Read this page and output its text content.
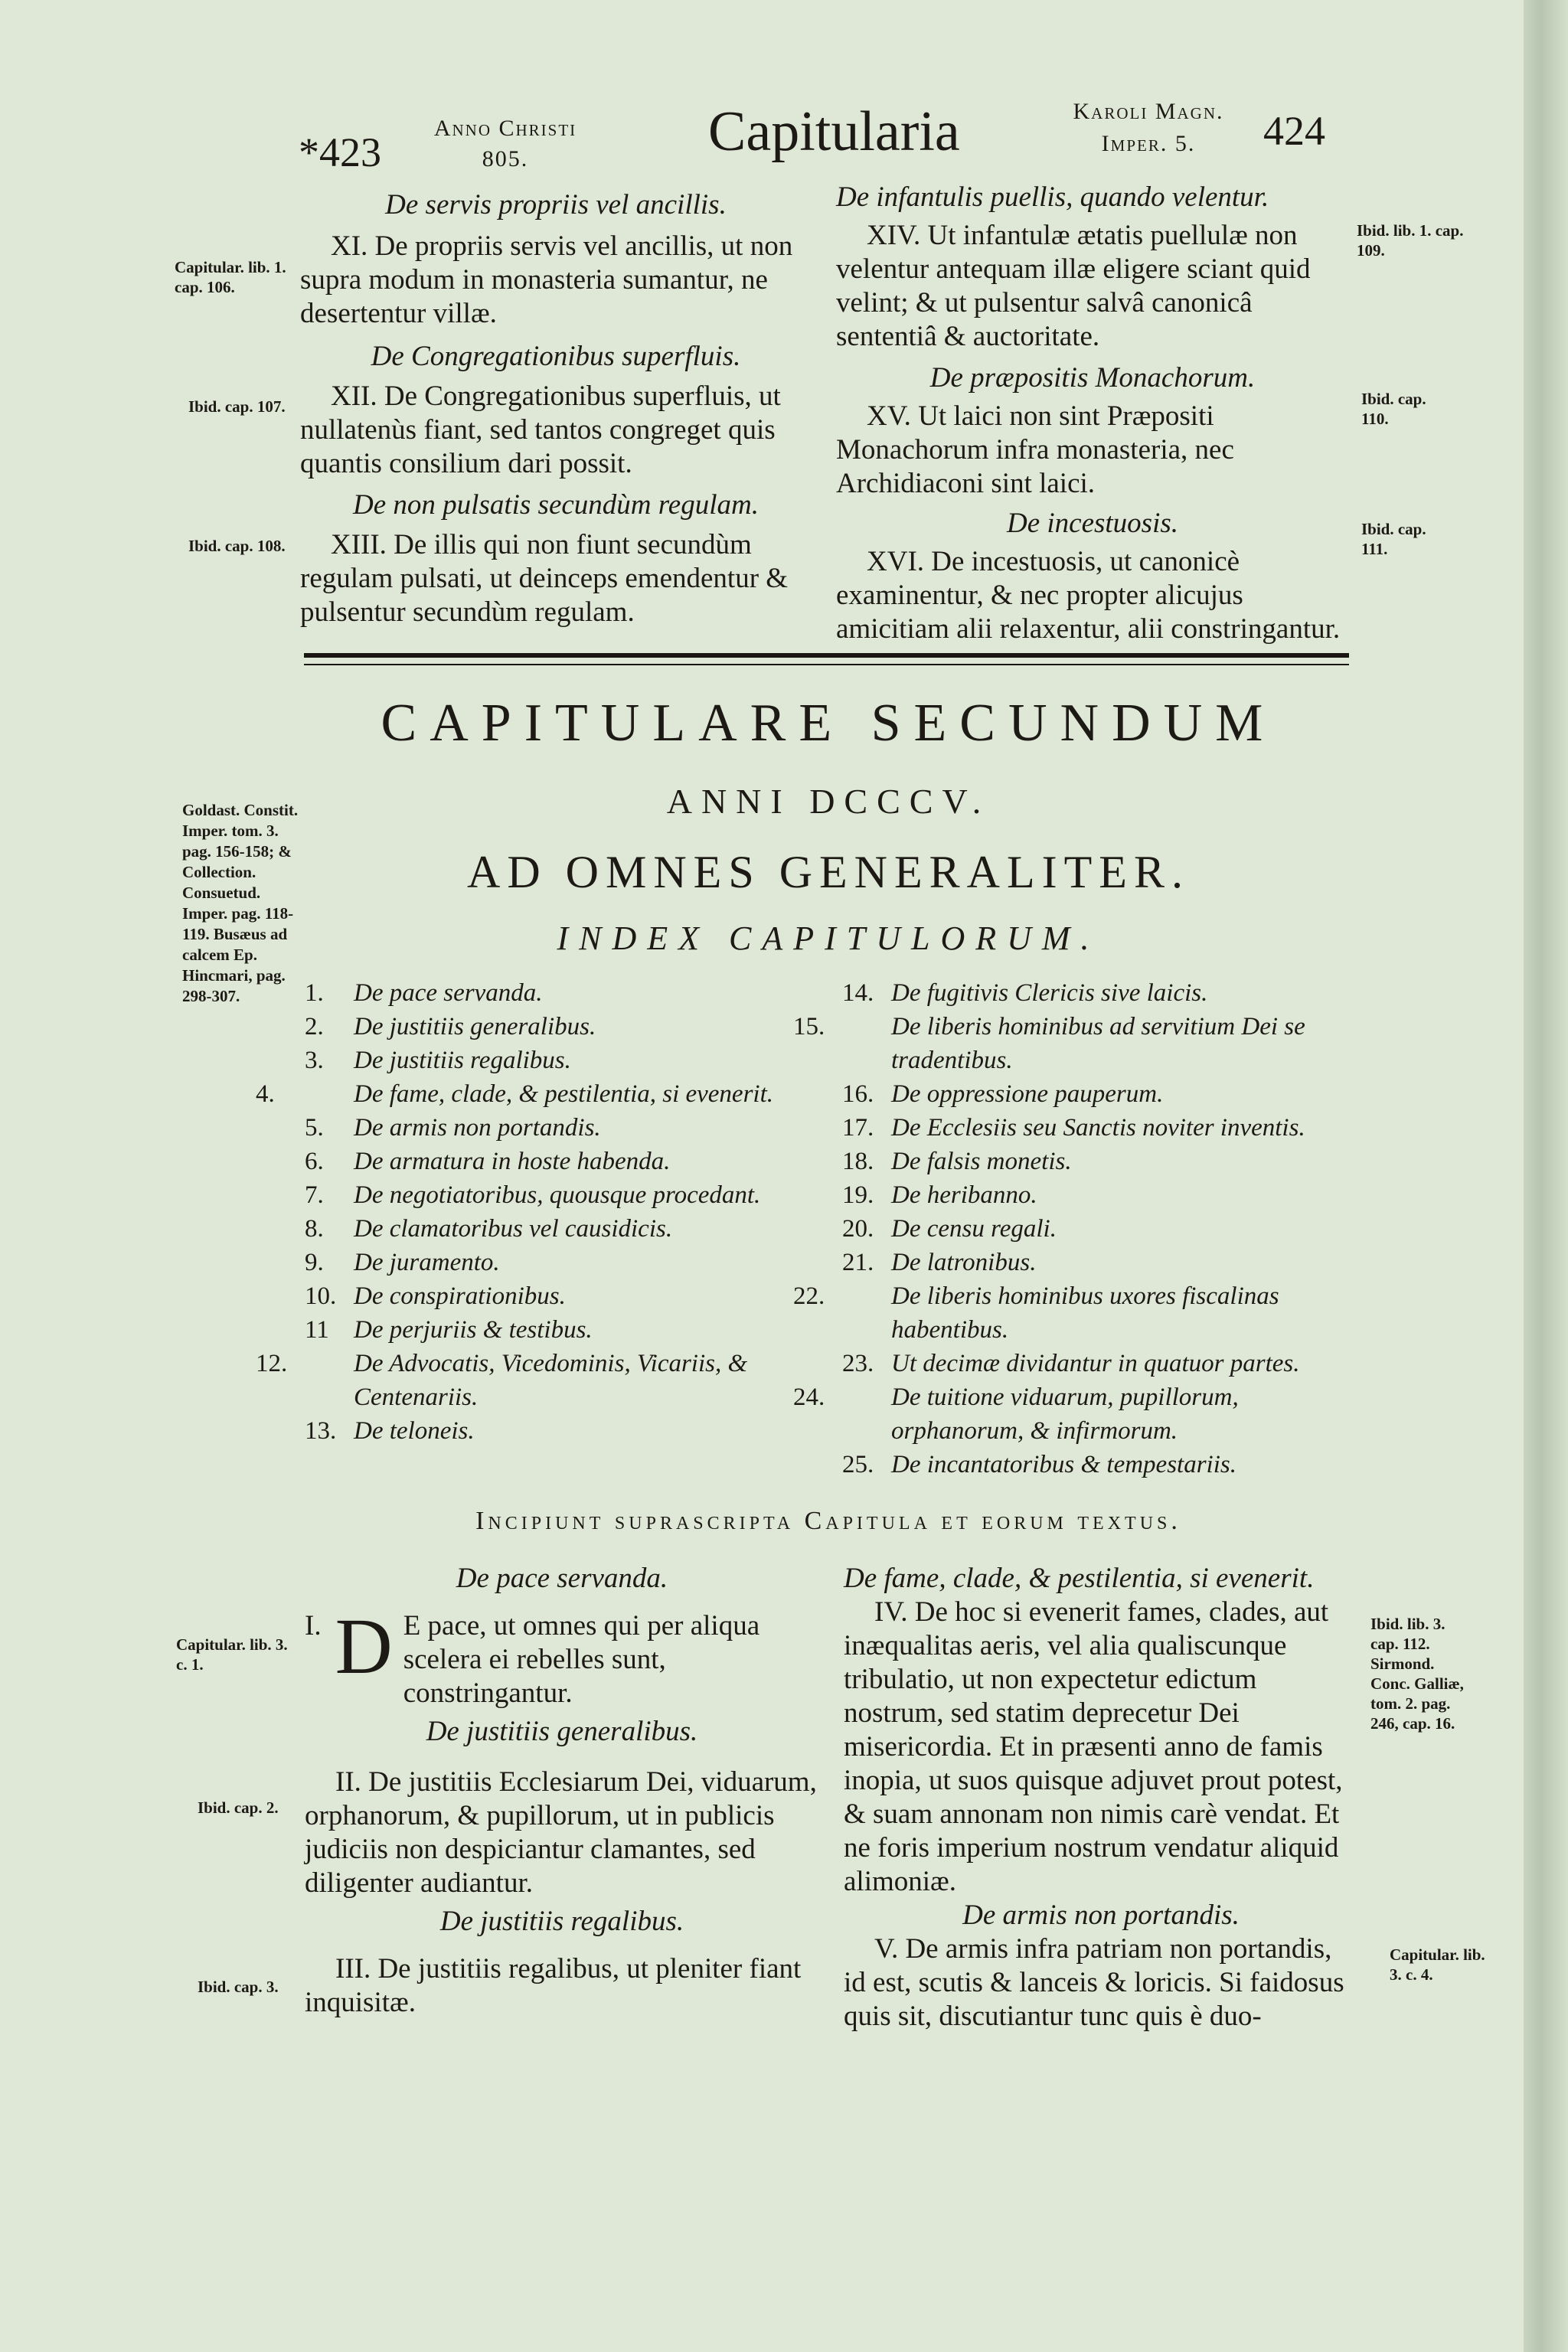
*423
Anno Christi
805.	Capitularia	Karoli Magn.
Imper. 5.	424
De servis propriis vel ancillis.
XI. De propriis servis vel ancillis, ut non supra modum in monasteria sumantur, ne desertentur villæ.
De Congregationibus superfluis.
XII. De Congregationibus superfluis, ut nullatenùs fiant, sed tantos congreget quis quantis consilium dari possit.
De non pulsatis secundùm regulam.
XIII. De illis qui non fiunt secundùm regulam pulsati, ut deinceps emendentur & pulsentur secundùm regulam.
De infantulis puellis, quando velentur.
XIV. Ut infantulæ ætatis puellulæ non velentur antequam illæ eligere sciant quid velint; & ut pulsentur salvâ canonicâ sententiâ & auctoritate.
De præpositis Monachorum.
XV. Ut laici non sint Præpositi Monachorum infra monasteria, nec Archidiaconi sint laici.
De incestuosis.
XVI. De incestuosis, ut canonicè examinentur, & nec propter alicujus amicitiam alii relaxentur, alii constringantur.
Capitular. lib. 1. cap. 106.
Ibid. cap. 107.
Ibid. cap. 108.
Ibid. lib. 1. cap. 109.
Ibid. cap. 110.
Ibid. cap. 111.
CAPITULARE SECUNDUM
ANNI DCCCV.
AD OMNES GENERALITER.
INDEX CAPITULORUM.
Goldast. Constit. Imper. tom. 3. pag. 156-158; & Collection. Consuetud. Imper. pag. 118-119. Busæus ad calcem Ep. Hincmari, pag. 298-307.	1. De pace servanda.
2. De justitiis generalibus.
3. De justitiis regalibus.
4.	De fame, clade, & pestilentia, si evenerit.
5. De armis non portandis.
6. De armatura in hoste habenda.
7. De negotiatoribus, quousque procedant.
8. De clamatoribus vel causidicis.
9. De juramento.
10. De conspirationibus.
11 De perjuriis & testibus.
12.	De Advocatis, Vicedominis, Vicariis, & Centenariis.
13. De teloneis.
14. De fugitivis Clericis sive laicis.
15.	De liberis hominibus ad servitium Dei se tradentibus.
16. De oppressione pauperum.
17. De Ecclesiis seu Sanctis noviter inventis.
18. De falsis monetis.
19. De heribanno.
20. De censu regali.
21. De latronibus.
22.	De liberis hominibus uxores fiscalinas habentibus.
23. Ut decimæ dividantur in quatuor partes.
24.	De tuitione viduarum, pupillorum, orphanorum, & infirmorum.
25. De incantatoribus & tempestariis.
Incipiunt suprascripta Capitula et eorum textus.
De pace servanda.
I. D E pace, ut omnes qui per aliqua scelera ei rebelles sunt, constringantur.
De justitiis generalibus.
II. De justitiis Ecclesiarum Dei, viduarum, orphanorum, & pupillorum, ut in publicis judiciis non despiciantur clamantes, sed diligenter audiantur.
De justitiis regalibus.
III. De justitiis regalibus, ut pleniter fiant inquisitæ.
De fame, clade, & pestilentia, si evenerit.
IV. De hoc si evenerit fames, clades, aut inæqualitas aeris, vel alia qualiscunque tribulatio, ut non expectetur edictum nostrum, sed statim deprecetur Dei misericordia. Et in præsenti anno de famis inopia, ut suos quisque adjuvet prout potest, & suam annonam non nimis carè vendat. Et ne foris imperium nostrum vendatur aliquid alimoniæ.
De armis non portandis.
V. De armis infra patriam non portandis, id est, scutis & lanceis & loricis. Si faidosus quis sit, discutiantur tunc quis è duo-
Capitular. lib. 3. c. 1.
Ibid. cap. 2.
Ibid. cap. 3.
Ibid. lib. 3. cap. 112. Sirmond. Conc. Galliæ, tom. 2. pag. 246, cap. 16.
Capitular. lib. 3. c. 4.
